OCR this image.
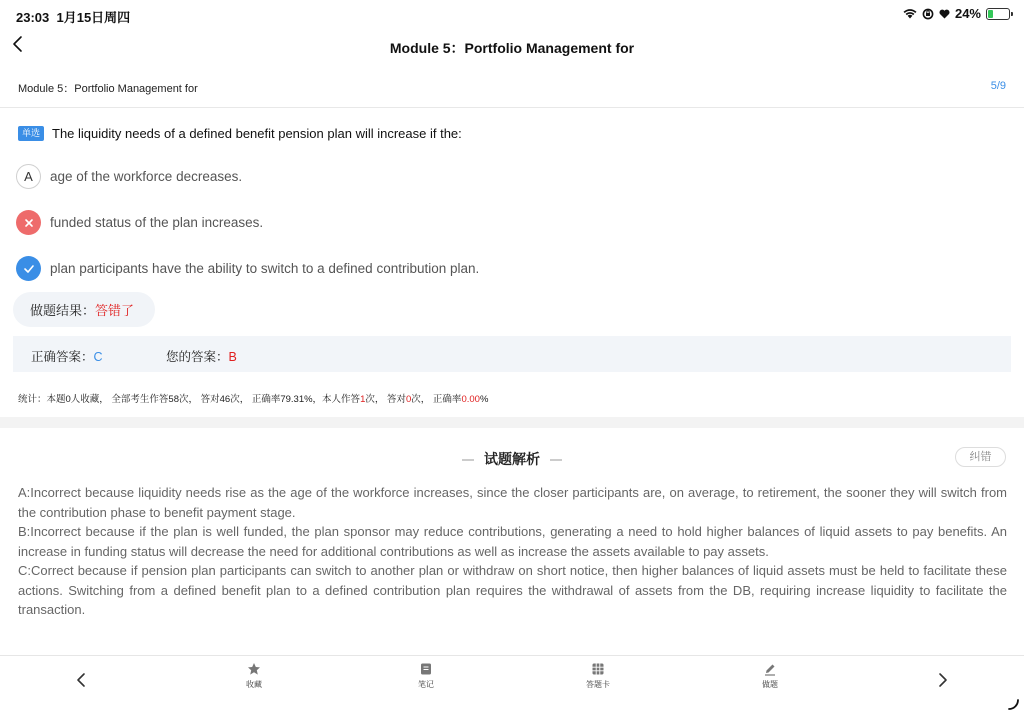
23:03 1月15日周四	24%
Module 5：Portfolio Management for
Module 5：Portfolio Management for	5/9
单选 The liquidity needs of a defined benefit pension plan will increase if the:
A	age of the workforce decreases.
funded status of the plan increases.
plan participants have the ability to switch to a defined contribution plan.
做题结果： 答错了
正确答案：C	您的答案：B
统计：本题0人收藏， 全部考生作答58次， 答对46次， 正确率79.31%，本人作答1次， 答对0次， 正确率0.00%
试题解析	纠错

A:Incorrect because liquidity needs rise as the age of the workforce increases, since the closer participants are, on average, to retirement, the sooner they will switch from the contribution phase to benefit payment stage.

B:Incorrect because if the plan is well funded, the plan sponsor may reduce contributions, generating a need to hold higher balances of liquid assets to pay benefits. An increase in funding status will decrease the need for additional contributions as well as increase the assets available to pay assets.

C:Correct because if pension plan participants can switch to another plan or withdraw on short notice, then higher balances of liquid assets must be held to facilitate these actions. Switching from a defined benefit plan to a defined contribution plan requires the withdrawal of assets from the DB, requiring increase liquidity to facilitate the transaction.

收藏	笔记	答题卡	做题
